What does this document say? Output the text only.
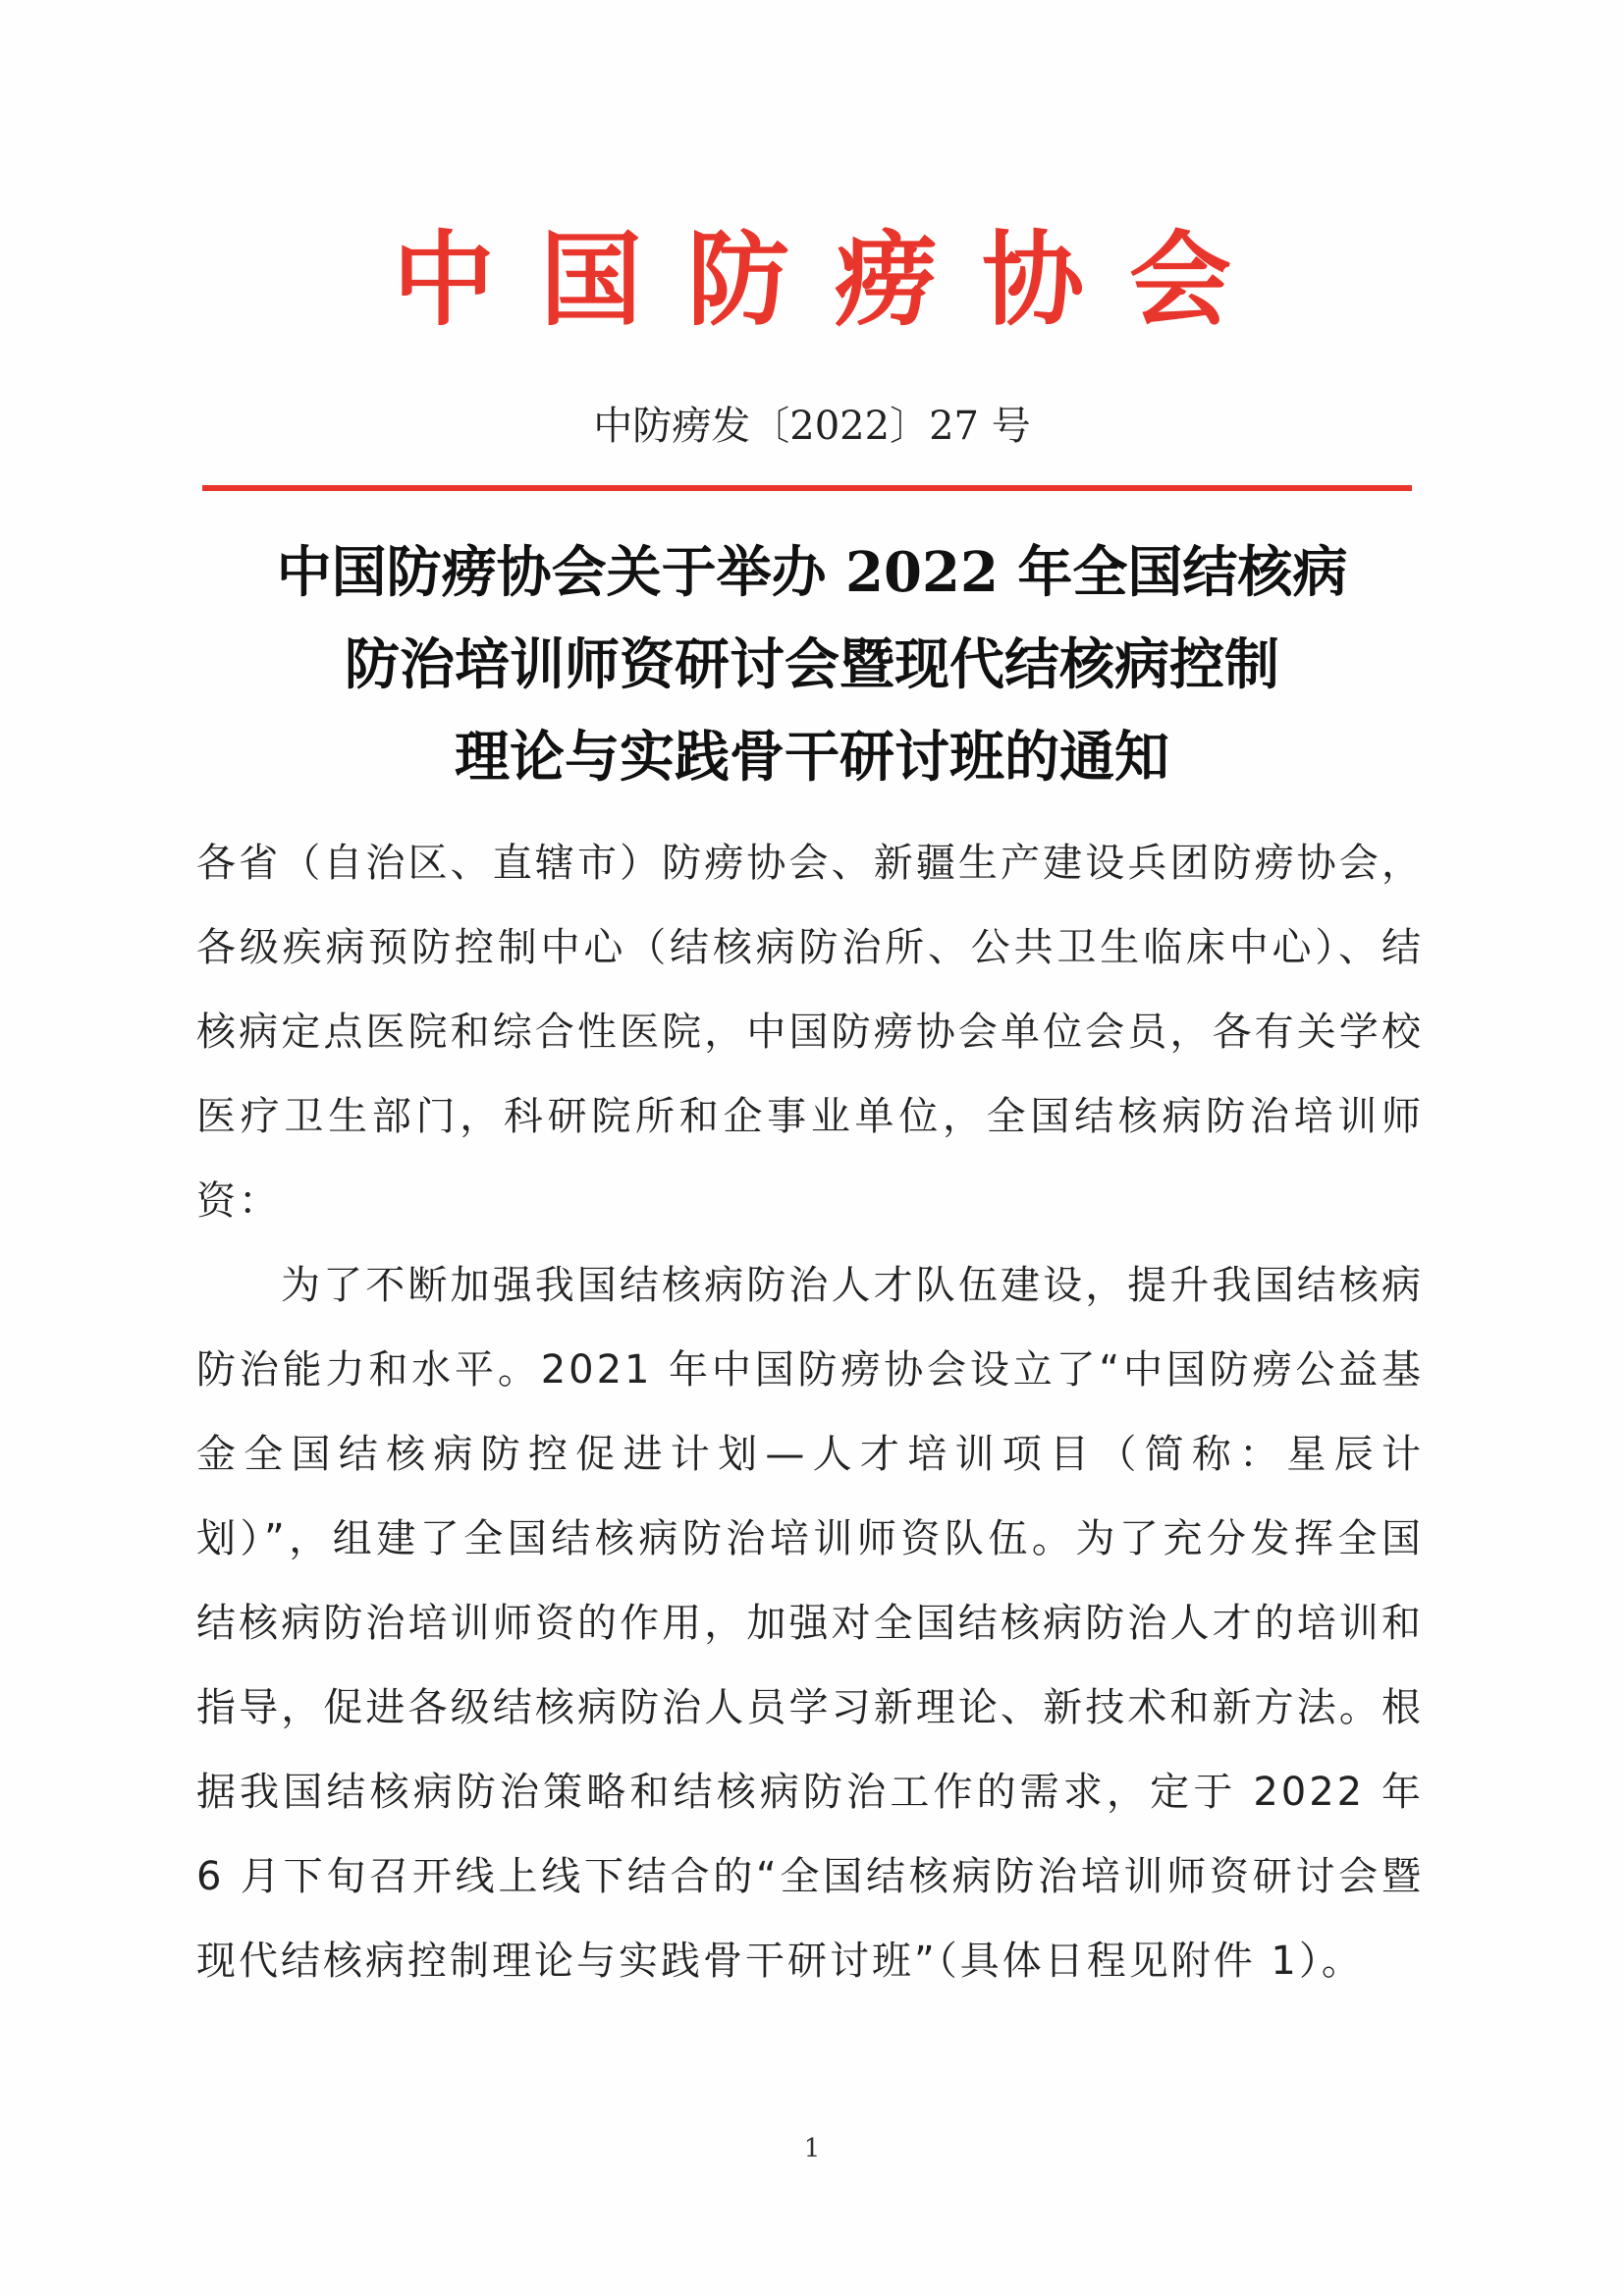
中国防痨协会
中防痨发〔2022〕27 号
中国防痨协会关于举办 2022 年全国结核病
防治培训师资研讨会暨现代结核病控制
理论与实践骨干研讨班的通知
各省（自治区、直辖市）防痨协会、新疆生产建设兵团防痨协会，各级疾病预防控制中心（结核病防治所、公共卫生临床中心）、结核病定点医院和综合性医院，中国防痨协会单位会员，各有关学校医疗卫生部门，科研院所和企事业单位，全国结核病防治培训师资：
为了不断加强我国结核病防治人才队伍建设，提升我国结核病防治能力和水平。2021 年中国防痨协会设立了“中国防痨公益基金全国结核病防控促进计划—人才培训项目（简称：星辰计划）”，组建了全国结核病防治培训师资队伍。为了充分发挥全国结核病防治培训师资的作用，加强对全国结核病防治人才的培训和指导，促进各级结核病防治人员学习新理论、新技术和新方法。根据我国结核病防治策略和结核病防治工作的需求，定于 2022 年 6 月下旬召开线上线下结合的“全国结核病防治培训师资研讨会暨现代结核病控制理论与实践骨干研讨班”（具体日程见附件 1）。
1
